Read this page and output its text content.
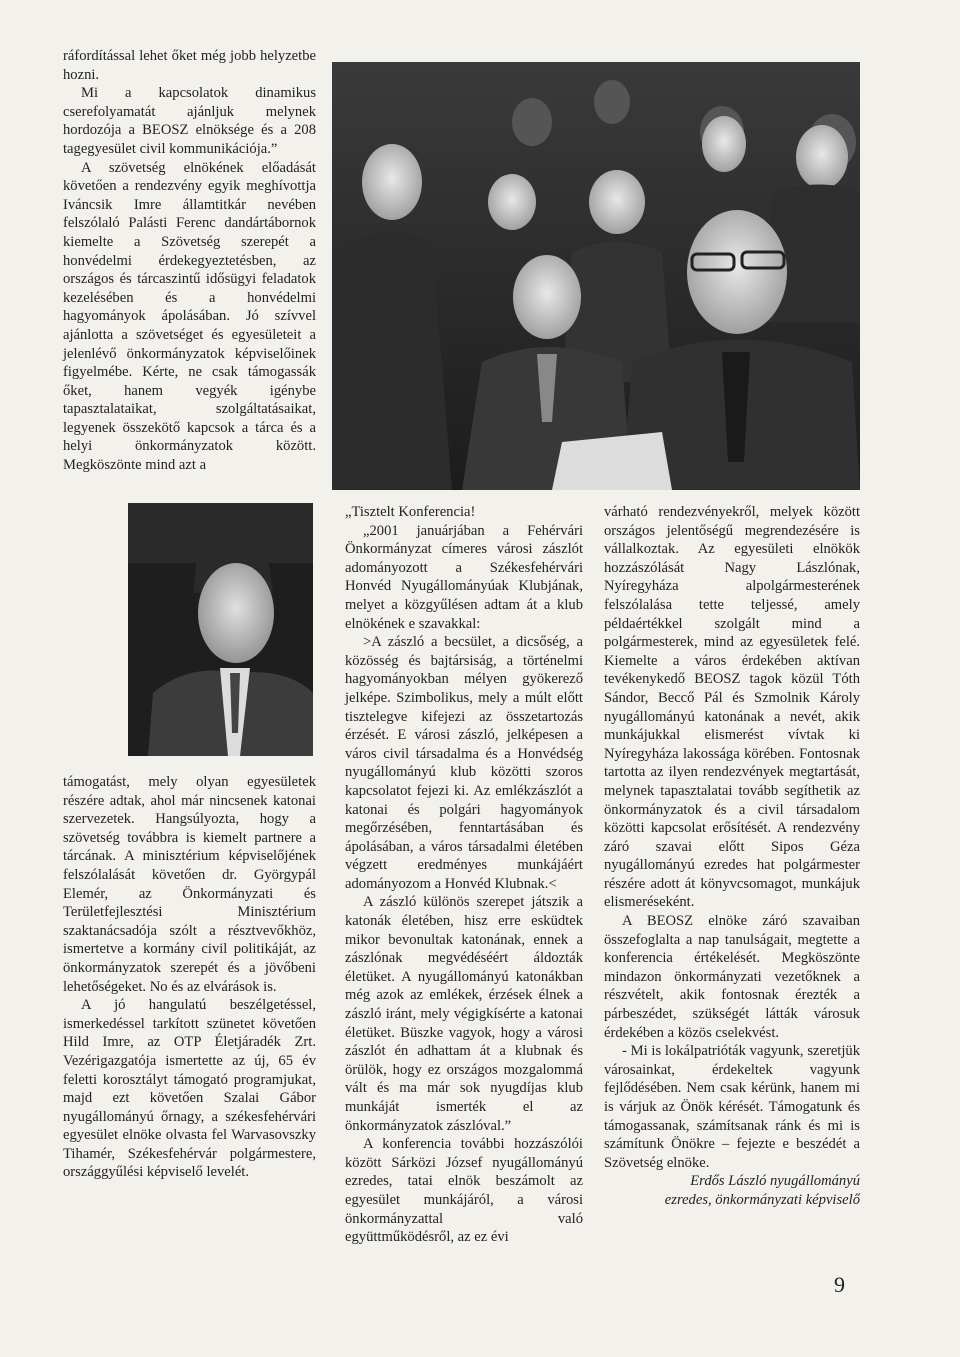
ráfordítással lehet őket még jobb helyzetbe hozni.

Mi a kapcsolatok dinamikus cserefolyamatát ajánljuk melynek hordozója a BEOSZ elnöksége és a 208 tagegyesület civil kommunikációja.”

A szövetség elnökének előadását követően a rendezvény egyik meghívottja Iváncsik Imre államtitkár nevében felszólaló Palásti Ferenc dandártábornok kiemelte a Szövetség szerepét a honvédelmi érdekegyeztetésben, az országos és tárcaszintű idősügyi feladatok kezelésében és a honvédelmi hagyományok ápolásában. Jó szívvel ajánlotta a szövetséget és egyesületeit a jelenlévő önkormányzatok képviselőinek figyelmébe. Kérte, ne csak támogassák őket, hanem vegyék igénybe tapasztalataikat, szolgáltatásaikat, legyenek összekötő kapcsok a tárca és a helyi önkormányzatok között. Megköszönte mind azt a

támogatást, mely olyan egyesületek részére adtak, ahol már nincsenek katonai szervezetek. Hangsúlyozta, hogy a szövetség továbbra is kiemelt partnere a tárcának. A minisztérium képviselőjének felszólalását követően dr. Györgypál Elemér, az Önkormányzati és Területfejlesztési Minisztérium szaktanácsadója szólt a résztvevőkhöz, ismertetve a kormány civil politikáját, az önkormányzatok szerepét és a jövőbeni lehetőségeket. No és az elvárások is.

A jó hangulatú beszélgetéssel, ismerkedéssel tarkított szünetet követően Hild Imre, az OTP Életjáradék Zrt. Vezérigazgatója ismertette az új, 65 év feletti korosztályt támogató programjukat, majd ezt követően Szalai Gábor nyugállományú őrnagy, a székesfehérvári egyesület elnöke olvasta fel Warvasovszky Tihamér, Székesfehérvár polgármestere, országgyűlési képviselő levelét.

„Tisztelt Konferencia!

„2001 januárjában a Fehérvári Önkormányzat címeres városi zászlót adományozott a Székesfehérvári Honvéd Nyugállományúak Klubjának, melyet a közgyűlésen adtam át a klub elnökének e szavakkal:

>A zászló a becsület, a dicsőség, a közösség és bajtársiság, a történelmi hagyományokban mélyen gyökerező jelképe. Szimbolikus, mely a múlt előtt tisztelegve kifejezi az összetartozás érzését. E városi zászló, jelképesen a város civil társadalma és a Honvédség nyugállományú klub közötti szoros kapcsolatot fejezi ki. Az emlékzászlót a katonai és polgári hagyományok megőrzésében, fenntartásában és ápolásában, a város társadalmi életében végzett eredményes munkájáért adományozom a Honvéd Klubnak.<

A zászló különös szerepet játszik a katonák életében, hisz erre esküdtek mikor bevonultak katonának, ennek a zászlónak megvédéséért áldozták életüket. A nyugállományú katonákban még azok az emlékek, érzések élnek a zászló iránt, mely végigkísérte a katonai életüket. Büszke vagyok, hogy a városi zászlót én adhattam át a klubnak és örülök, hogy ez országos mozgalommá vált és ma már sok nyugdíjas klub munkáját ismerték el az önkormányzatok zászlóval.”

A konferencia további hozzászólói között Sárközi József nyugállományú ezredes, tatai elnök beszámolt az egyesület munkájáról, a városi önkormányzattal való együttműködésről, az ez évi

várható rendezvényekről, melyek között országos jelentőségű megrendezésére is vállalkoztak. Az egyesületi elnökök hozzászólását Nagy Lászlónak, Nyíregyháza alpolgármesterének felszólalása tette teljessé, amely példaértékkel szolgált mind a polgármesterek, mind az egyesületek felé. Kiemelte a város érdekében aktívan tevékenykedő BEOSZ tagok közül Tóth Sándor, Beccő Pál és Szmolnik Károly nyugállományú katonának a nevét, akik munkájukkal elismerést vívtak ki Nyíregyháza lakossága körében. Fontosnak tartotta az ilyen rendezvények megtartását, melynek tapasztalatai tovább segíthetik az önkormányzatok és a civil társadalom közötti kapcsolat erősítését. A rendezvény záró szavai előtt Sipos Géza nyugállományú ezredes hat polgármester részére adott át könyvcsomagot, munkájuk elismeréseként.

A BEOSZ elnöke záró szavaiban összefoglalta a nap tanulságait, megtette a konferencia értékelését. Megköszönte mindazon önkormányzati vezetőknek a részvételt, akik fontosnak érezték a párbeszédet, szükségét látták városuk érdekében a közös cselekvést.

- Mi is lokálpatrióták vagyunk, szeretjük városainkat, érdekeltek vagyunk fejlődésében. Nem csak kérünk, hanem mi is várjuk az Önök kérését. Támogatunk és támogassanak, számítsanak ránk és mi is számítunk Önökre – fejezte e beszédét a Szövetség elnöke.

Erdős László nyugállományú

ezredes, önkormányzati képviselő

9
